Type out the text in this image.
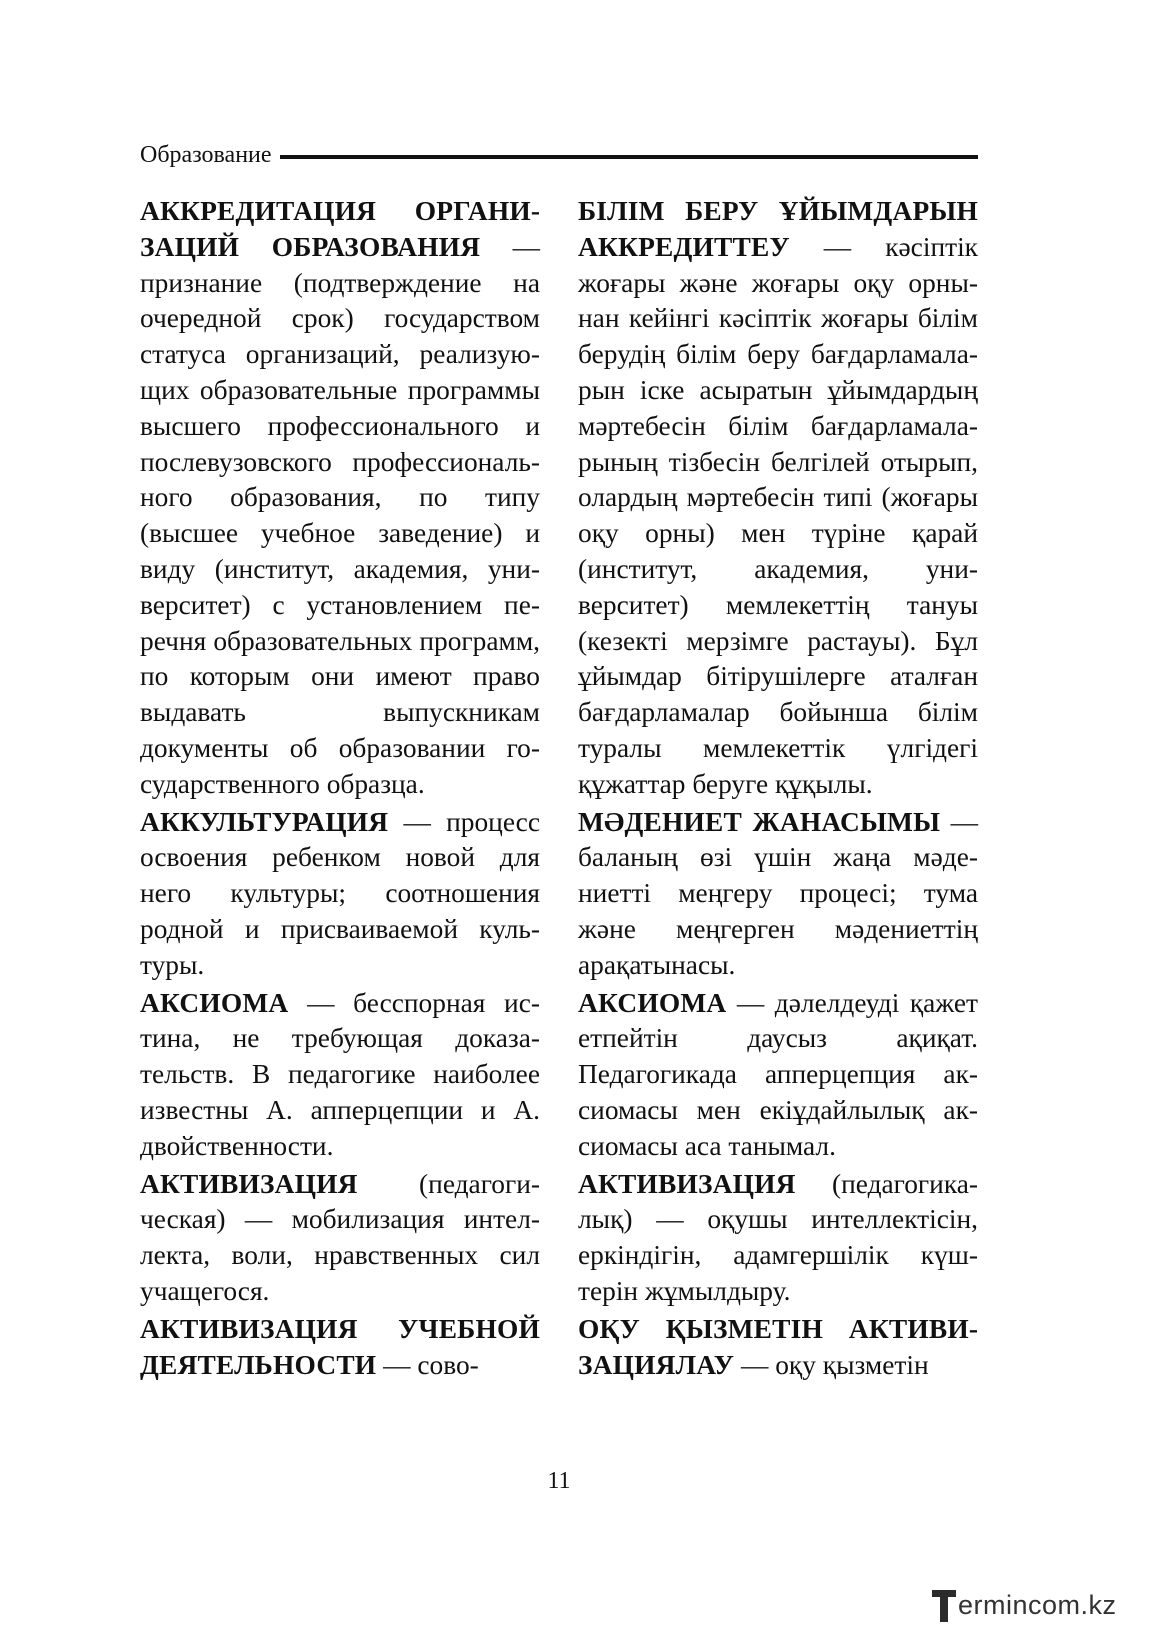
Образование

АККРЕДИТАЦИЯ ОРГАНИЗАЦИЙ ОБРАЗОВАНИЯ — признание (подтверждение на очередной срок) государством статуса организаций, реализующих образовательные программы высшего профессионального и послевузовского профессионального образования, по типу (высшее учебное заведение) и виду (институт, академия, университет) с установлением перечня образовательных программ, по которым они имеют право выдавать выпускникам документы об образовании государственного образца.

АККУЛЬТУРАЦИЯ — процесс освоения ребенком новой для него культуры; соотношения родной и присваиваемой культуры.

АКСИОМА — бесспорная истина, не требующая доказательств. В педагогике наиболее известны А. апперцепции и А. двойственности.

АКТИВИЗАЦИЯ (педагогическая) — мобилизация интеллекта, воли, нравственных сил учащегося.

АКТИВИЗАЦИЯ УЧЕБНОЙ ДЕЯТЕЛЬНОСТИ — сово-

БІЛІМ БЕРУ ҰЙЫМДАРЫН АККРЕДИТТЕУ — кәсіптік жоғары және жоғары оқу орнынан кейінгі кәсіптік жоғары білім берудің білім беру бағдарламаларын іске асыратын ұйымдардың мәртебесін білім бағдарламаларының тізбесін белгілей отырып, олардың мәртебесін типі (жоғары оқу орны) мен түріне қарай (институт, академия, университет) мемлекеттің тануы (кезекті мерзімге растауы). Бұл ұйымдар бітірушілерге аталған бағдарламалар бойынша білім туралы мемлекеттік үлгідегі құжаттар беруге құқылы.

МӘДЕНИЕТ ЖАНАСЫМЫ — баланың өзі үшін жаңа мәдениетті меңгеру процесі; тума және меңгерген мәдениеттің арақатынасы.

АКСИОМА — дәлелдеуді қажет етпейтін даусыз ақиқат. Педагогикада апперцепция аксиомасы мен екіұдайлылық аксиомасы аса танымал.

АКТИВИЗАЦИЯ (педагогикалық) — оқушы интеллектісін, еркіндігін, адамгершілік күштерін жұмылдыру.

ОҚУ ҚЫЗМЕТІН АКТИВИЗАЦИЯЛАУ — оқу қызметін

11
ermincom.kz
